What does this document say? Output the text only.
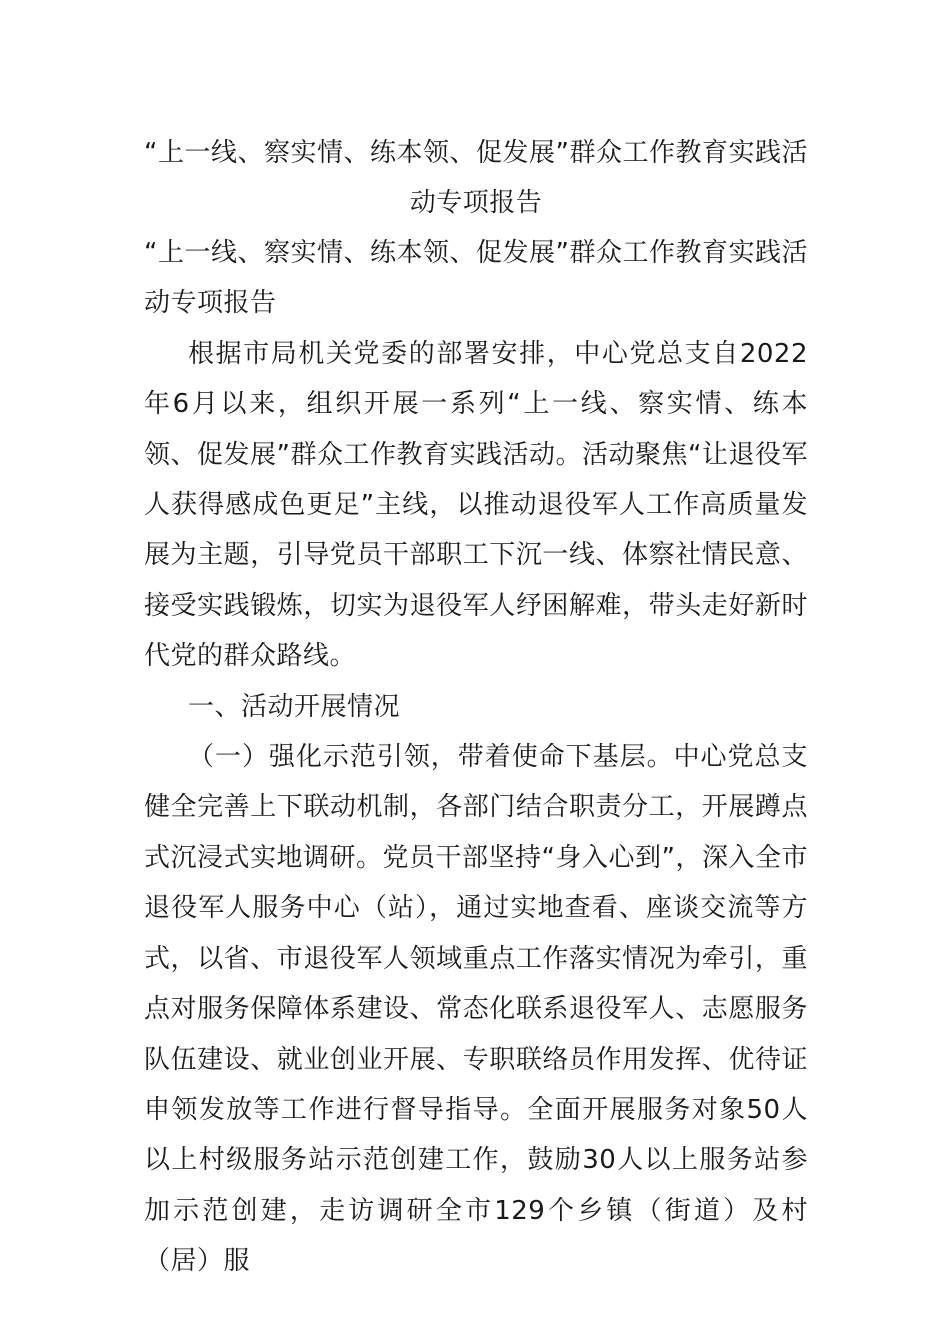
“上一线、察实情、练本领、促发展”群众工作教育实践活动专项报告

“上一线、察实情、练本领、促发展”群众工作教育实践活动专项报告

根据市局机关党委的部署安排，中心党总支自2022年6月以来，组织开展一系列“上一线、察实情、练本领、促发展”群众工作教育实践活动。活动聚焦“让退役军人获得感成色更足”主线，以推动退役军人工作高质量发展为主题，引导党员干部职工下沉一线、体察社情民意、接受实践锻炼，切实为退役军人纾困解难，带头走好新时代党的群众路线。

一、活动开展情况

（一）强化示范引领，带着使命下基层。中心党总支健全完善上下联动机制，各部门结合职责分工，开展蹲点式沉浸式实地调研。党员干部坚持“身入心到”，深入全市退役军人服务中心（站），通过实地查看、座谈交流等方式，以省、市退役军人领域重点工作落实情况为牵引，重点对服务保障体系建设、常态化联系退役军人、志愿服务队伍建设、就业创业开展、专职联络员作用发挥、优待证申领发放等工作进行督导指导。全面开展服务对象50人以上村级服务站示范创建工作，鼓励30人以上服务站参加示范创建，走访调研全市129个乡镇（街道）及村（居）服
